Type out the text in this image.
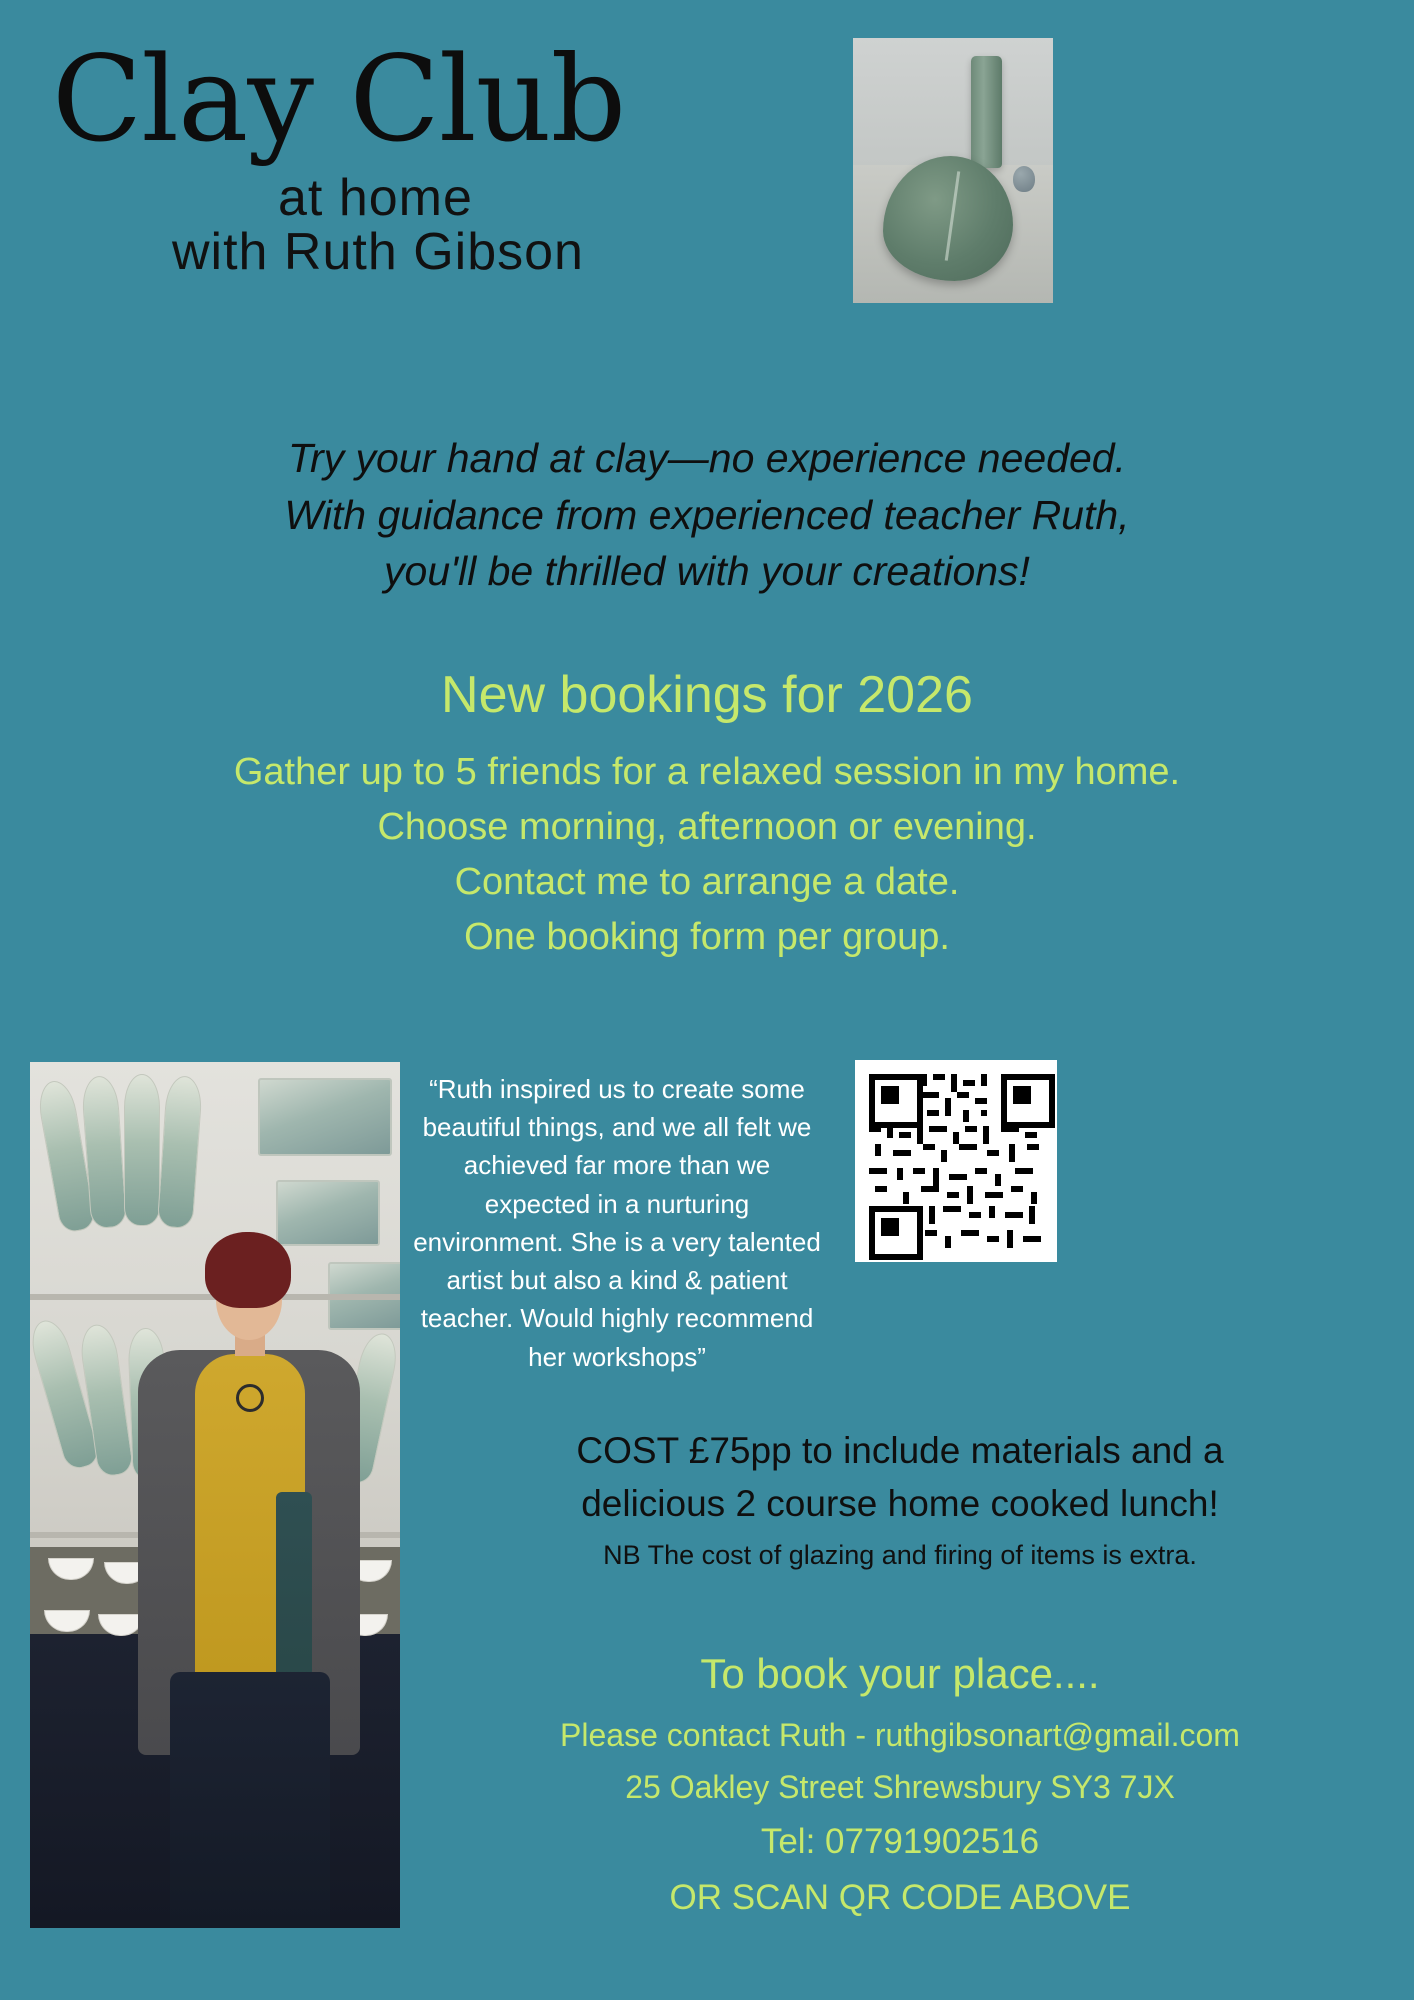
Clay Club
at home
with Ruth Gibson
Try your hand at clay—no experience needed.
With guidance from experienced teacher Ruth,
you'll be thrilled with your creations!
New bookings for 2026
Gather up to 5 friends for a relaxed session in my home.
Choose morning, afternoon or evening.
Contact me to arrange a date.
One booking form per group.
“Ruth inspired us to create some beautiful things, and we all felt we achieved far more than we expected in a nurturing environment. She is a very talented artist but also a kind & patient teacher. Would highly recommend her workshops”
COST £75pp to include materials and a
delicious 2 course home cooked lunch!
NB The cost of glazing and firing of items is extra.
To book your place....
Please contact Ruth - ruthgibsonart@gmail.com
25 Oakley Street Shrewsbury SY3 7JX
Tel: 07791902516
OR SCAN QR CODE ABOVE
